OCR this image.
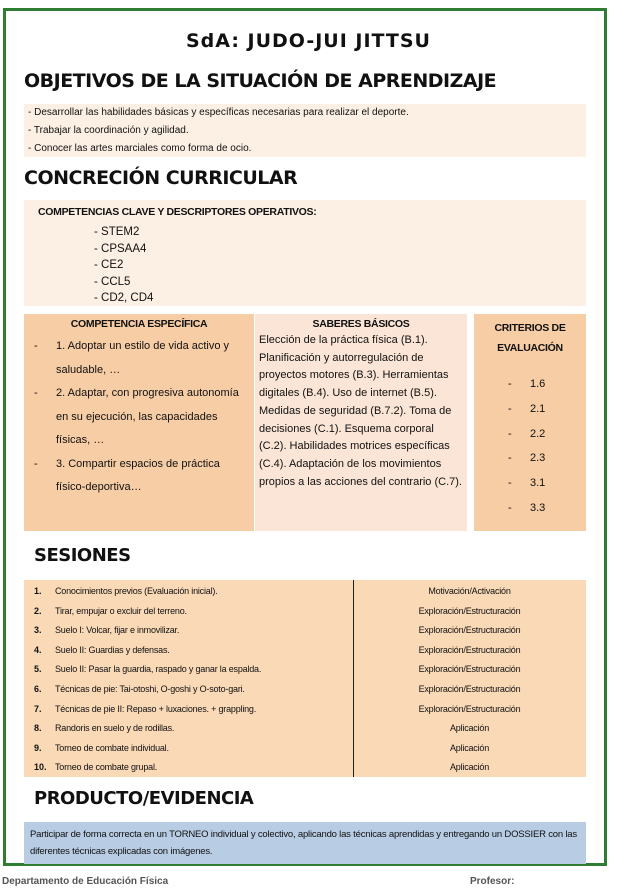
SdA: JUDO-JUI JITTSU
OBJETIVOS DE LA SITUACIÓN DE APRENDIZAJE
- Desarrollar las habilidades básicas y específicas necesarias para realizar el deporte.
- Trabajar la coordinación y agilidad.
- Conocer las artes marciales como forma de ocio.
CONCRECIÓN CURRICULAR
COMPETENCIAS CLAVE Y DESCRIPTORES OPERATIVOS:
- STEM2
- CPSAA4
- CE2
- CCL5
- CD2, CD4
COMPETENCIA ESPECÍFICA
- 1. Adoptar un estilo de vida activo y saludable, …
- 2. Adaptar, con progresiva autonomía en su ejecución, las capacidades físicas, …
- 3. Compartir espacios de práctica físico-deportiva…
SABERES BÁSICOS
Elección de la práctica física (B.1). Planificación y autorregulación de proyectos motores (B.3). Herramientas digitales (B.4). Uso de internet (B.5). Medidas de seguridad (B.7.2). Toma de decisiones (C.1). Esquema corporal (C.2). Habilidades motrices específicas (C.4). Adaptación de los movimientos propios a las acciones del contrario (C.7).
CRITERIOS DE EVALUACIÓN
- 1.6
- 2.1
- 2.2
- 2.3
- 3.1
- 3.3
SESIONES
1. Conocimientos previos (Evaluación inicial).	Motivación/Activación
2. Tirar, empujar o excluir del terreno.	Exploración/Estructuración
3. Suelo I: Volcar, fijar e inmovilizar.	Exploración/Estructuración
4. Suelo II: Guardias y defensas.	Exploración/Estructuración
5. Suelo II: Pasar la guardia, raspado y ganar la espalda.	Exploración/Estructuración
6. Técnicas de pie: Tai-otoshi, O-goshi y O-soto-gari.	Exploración/Estructuración
7. Técnicas de pie II: Repaso + luxaciones. + grappling.	Exploración/Estructuración
8. Randoris en suelo y de rodillas.	Aplicación
9. Torneo de combate individual.	Aplicación
10. Torneo de combate grupal.	Aplicación
PRODUCTO/EVIDENCIA
Participar de forma correcta en un TORNEO individual y colectivo, aplicando las técnicas aprendidas y entregando un DOSSIER con las diferentes técnicas explicadas con imágenes.
Departamento de Educación Física	Profesor:
